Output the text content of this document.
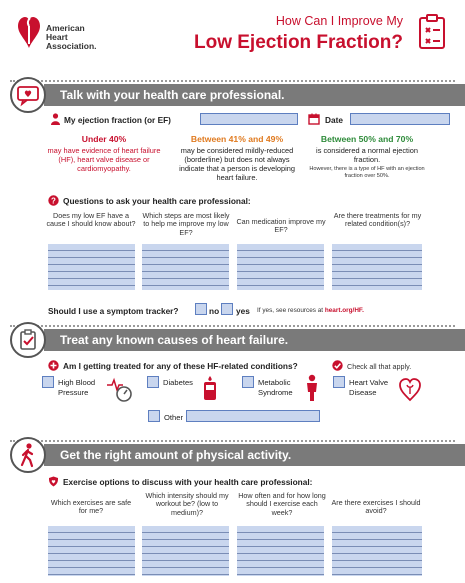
American
Heart
Association.
How Can I Improve My
Low Ejection Fraction?
Talk with your health care professional.
My ejection fraction (or EF)	Date
Under 40%
may have evidence of heart failure (HF), heart valve disease or cardiomyopathy.
Between 41% and 49%
may be considered mildly-reduced (borderline) but does not always indicate that a person is developing heart failure.
Between 50% and 70%
is considered a normal ejection fraction.
However, there is a type of HF with an ejection fraction over 50%.
? Questions to ask your health care professional:
Does my low EF have a cause I should know about?
Which steps are most likely to help me improve my low EF?
Can medication improve my EF?
Are there treatments for my related condition(s)?
Should I use a symptom tracker?	no yes If yes, see resources at heart.org/HF.
Treat any known causes of heart failure.
Am I getting treated for any of these HF-related conditions?	Check all that apply.
High Blood Pressure
Diabetes	Metabolic Syndrome
Heart Valve Disease
Other
Get the right amount of physical activity.
Exercise options to discuss with your health care professional:
Which exercises are safe for me?
Which intensity should my workout be? (low to medium)?
How often and for how long should I exercise each week?
Are there exercises I should avoid?
